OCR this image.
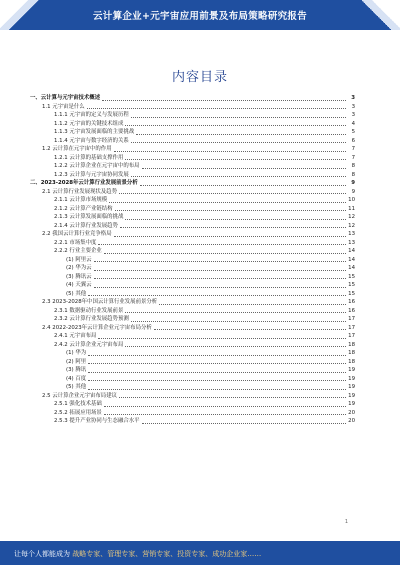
云计算企业+元宇宙应用前景及布局策略研究报告
内容目录
一、云计算与元宇宙技术概述	3
1.1 元宇宙是什么	3
1.1.1 元宇宙的定义与发展历程	3
1.1.2 元宇宙的关键技术组成	4
1.1.3 元宇宙发展面临的主要挑战	5
1.1.4 元宇宙与数字经济的关系	6
1.2 云计算在元宇宙中的作用	7
1.2.1 云计算的基础支撑作用	7
1.2.2 云计算企业在元宇宙中的布局	8
1.2.3 云计算与元宇宙协同发展	8
二、2023-2028年云计算行业发展前景分析	9
2.1 云计算行业发展现状及趋势	9
2.1.1 云计算市场规模	10
2.1.2 云计算产业链结构	11
2.1.3 云计算发展面临的挑战	12
2.1.4 云计算行业发展趋势	12
2.2 我国云计算行业竞争格局	13
2.2.1 市场集中度	13
2.2.2 行业主要企业	14
(1) 阿里云	14
(2) 华为云	14
(3) 腾讯云	15
(4) 天翼云	15
(5) 其他	15
2.3 2023-2028年中国云计算行业发展前景分析	16
2.3.1 数据驱动行业发展前景	16
2.3.2 云计算行业发展趋势预测	17
2.4 2022-2023年云计算企业元宇宙布局分析	17
2.4.1 元宇宙布局	17
2.4.2 云计算企业元宇宙布局	18
(1) 华为	18
(2) 阿里	18
(3) 腾讯	19
(4) 百度	19
(5) 其他	19
2.5 云计算企业元宇宙布局建议	19
2.5.1 强化技术基础	19
2.5.2 拓展应用场景	20
2.5.3 提升产业协同与生态融合水平	20
1
让每个人都能成为 战略专家、管理专家、营销专家、投资专家、成功企业家……
